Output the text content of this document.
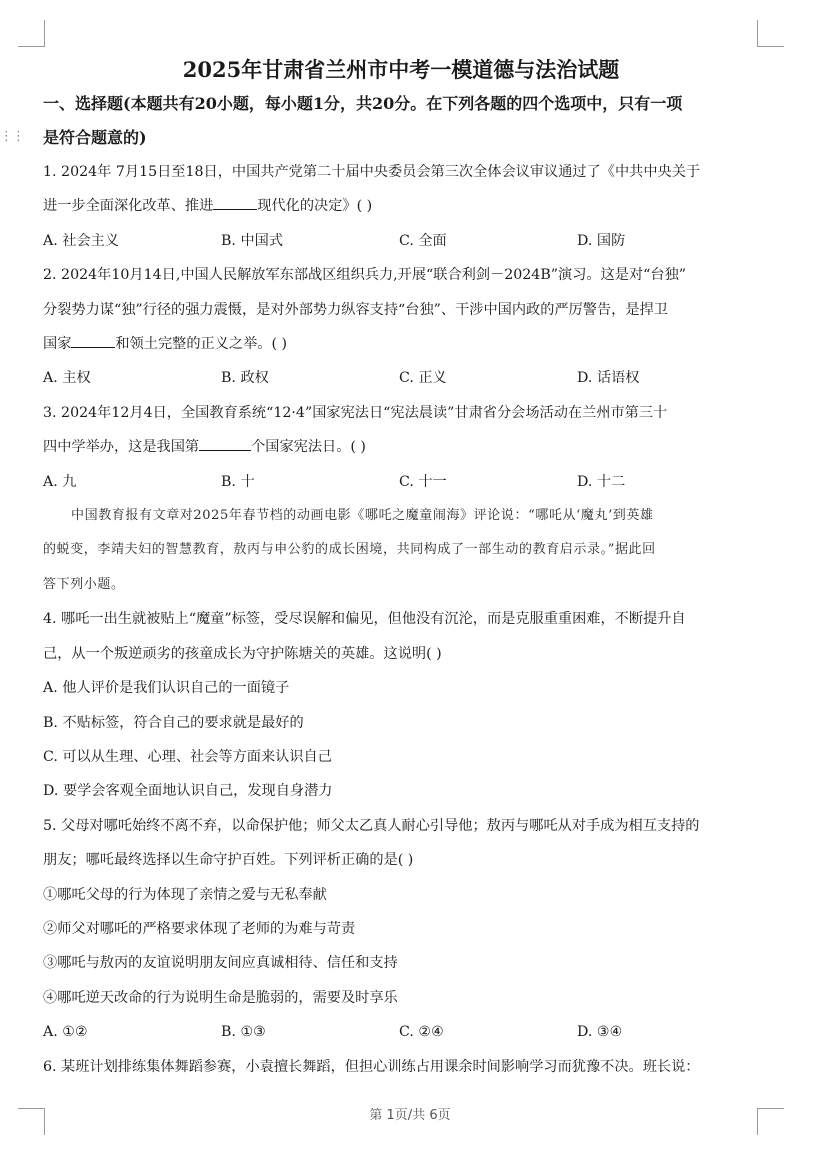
⋮⋮
2025年甘肃省兰州市中考一模道德与法治试题

一、选择题(本题共有20小题，每小题1分，共20分。在下列各题的四个选项中，只有一项

是符合题意的)

1. 2024年 7月15日至18日，中国共产党第二十届中央委员会第三次全体会议审议通过了《中共中央关于

进一步全面深化改革、推进	现代化的决定》( )

A. 社会主义	B. 中国式	C. 全面	D. 国防

2. 2024年10月14日,中国人民解放军东部战区组织兵力,开展“联合利剑－2024B”演习。这是对“台独”

分裂势力谋“独”行径的强力震慑，是对外部势力纵容支持“台独”、干涉中国内政的严厉警告，是捍卫

国家	和领土完整的正义之举。( )

A. 主权	B. 政权	C. 正义	D. 话语权

3. 2024年12月4日，全国教育系统“12·4”国家宪法日“宪法晨读”甘肃省分会场活动在兰州市第三十

四中学举办，这是我国第	个国家宪法日。( )

A. 九	B. 十	C. 十一	D. 十二

中国教育报有文章对2025年春节档的动画电影《哪吒之魔童闹海》评论说：“哪吒从‘魔丸’到英雄

的蜕变，李靖夫妇的智慧教育，敖丙与申公豹的成长困境，共同构成了一部生动的教育启示录。”据此回

答下列小题。

4. 哪吒一出生就被贴上“魔童”标签，受尽误解和偏见，但他没有沉沦，而是克服重重困难，不断提升自

己，从一个叛逆顽劣的孩童成长为守护陈塘关的英雄。这说明( )

A. 他人评价是我们认识自己的一面镜子

B. 不贴标签，符合自己的要求就是最好的

C. 可以从生理、心理、社会等方面来认识自己

D. 要学会客观全面地认识自己，发现自身潜力

5. 父母对哪吒始终不离不弃，以命保护他；师父太乙真人耐心引导他；敖丙与哪吒从对手成为相互支持的

朋友；哪吒最终选择以生命守护百姓。下列评析正确的是( )

①哪吒父母的行为体现了亲情之爱与无私奉献

②师父对哪吒的严格要求体现了老师的为难与苛责

③哪吒与敖丙的友谊说明朋友间应真诚相待、信任和支持

④哪吒逆天改命的行为说明生命是脆弱的，需要及时享乐

A. ①②	B. ①③	C. ②④	D. ③④

6. 某班计划排练集体舞蹈参赛，小袁擅长舞蹈，但担心训练占用课余时间影响学习而犹豫不决。班长说：

第 1页/共 6页
